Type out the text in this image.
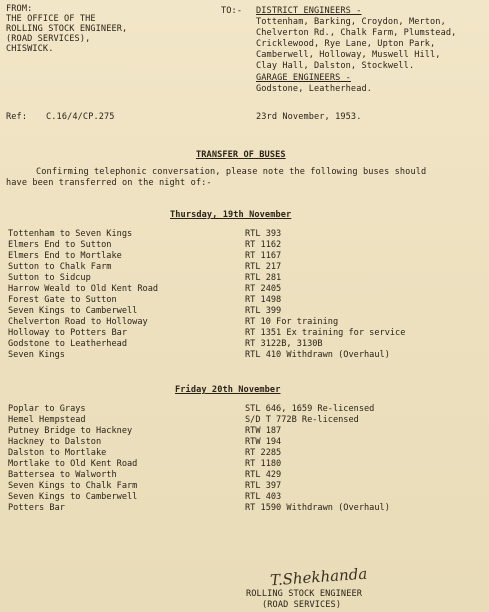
FROM:
THE OFFICE OF THE
ROLLING STOCK ENGINEER,
(ROAD SERVICES),
CHISWICK.
TO:- DISTRICT ENGINEERS -
Tottenham, Barking, Croydon, Merton,
Chelverton Rd., Chalk Farm, Plumstead,
Cricklewood, Rye Lane, Upton Park,
Camberwell, Holloway, Muswell Hill,
Clay Hall, Dalston, Stockwell.
GARAGE ENGINEERS -
Godstone, Leatherhead.
Ref: C.16/4/CP.275	23rd November, 1953.
TRANSFER OF BUSES
Confirming telephonic conversation, please note the following buses should
have been transferred on the night of:-
Thursday, 19th November
Tottenham to Seven Kings	RTL 393
Elmers End to Sutton	RT 1162
Elmers End to Mortlake	RT 1167
Sutton to Chalk Farm	RTL 217
Sutton to Sidcup	RTL 281
Harrow Weald to Old Kent Road	RT 2405
Forest Gate to Sutton	RT 1498
Seven Kings to Camberwell	RTL 399
Chelverton Road to Holloway	RT 10 For training
Holloway to Potters Bar	RT 1351 Ex training for service
Godstone to Leatherhead	RT 3122B, 3130B
Seven Kings	RTL 410 Withdrawn (Overhaul)
Friday 20th November
Poplar to Grays	STL 646, 1659 Re-licensed
Hemel Hempstead	S/D T 772B Re-licensed
Putney Bridge to Hackney	RTW 187
Hackney to Dalston	RTW 194
Dalston to Mortlake	RT 2285
Mortlake to Old Kent Road	RT 1180
Battersea to Walworth	RTL 429
Seven Kings to Chalk Farm	RTL 397
Seven Kings to Camberwell	RTL 403
Potters Bar	RT 1590 Withdrawn (Overhaul)
T.Shekhanda
ROLLING STOCK ENGINEER
(ROAD SERVICES)
